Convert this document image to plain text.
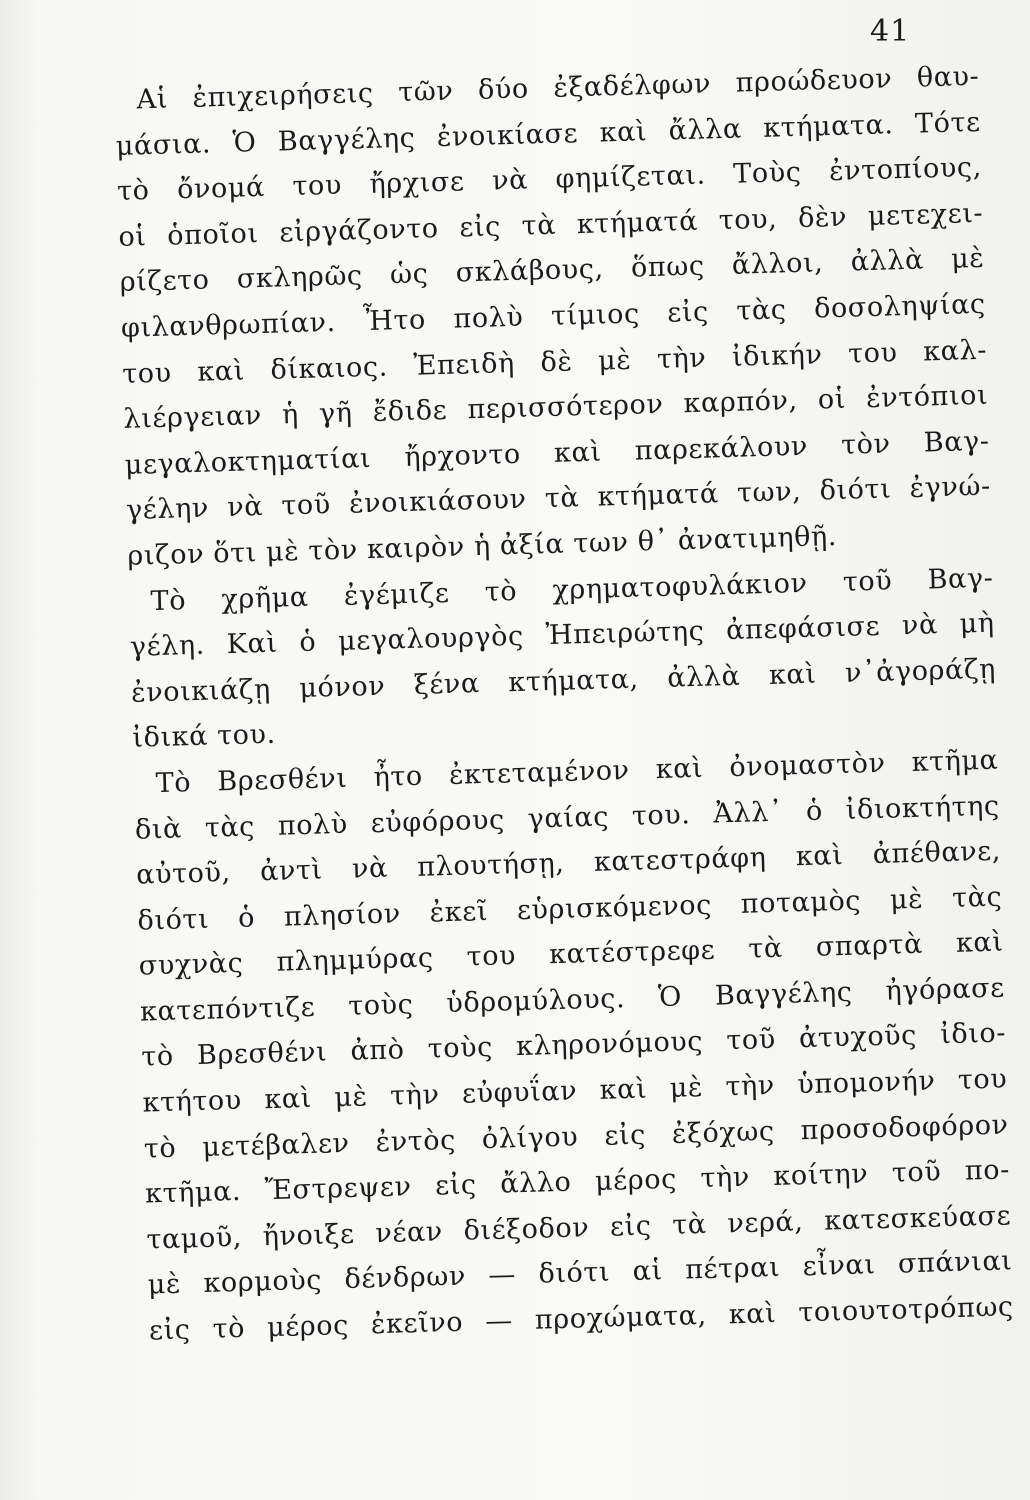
41
Αἱ ἐπιχειρήσεις τῶν δύο ἐξαδέλφων προώδευον θαυ-
μάσια. Ὁ Βαγγέλης ἐνοικίασε καὶ ἄλλα κτήματα. Τότε
τὸ ὄνομά του ἤρχισε νὰ φημίζεται. Τοὺς ἐντοπίους,
οἱ ὁποῖοι εἰργάζοντο εἰς τὰ κτήματά του, δὲν μετεχει-
ρίζετο σκληρῶς ὡς σκλάβους, ὅπως ἄλλοι, ἀλλὰ μὲ
φιλανθρωπίαν. Ἦτο πολὺ τίμιος εἰς τὰς δοσοληψίας
του καὶ δίκαιος. Ἐπειδὴ δὲ μὲ τὴν ἰδικήν του καλ-
λιέργειαν ἡ γῆ ἔδιδε περισσότερον καρπόν, οἱ ἐντόπιοι
μεγαλοκτηματίαι ἤρχοντο καὶ παρεκάλουν τὸν Βαγ-
γέλην νὰ τοῦ ἐνοικιάσουν τὰ κτήματά των, διότι ἐγνώ-
ριζον ὅτι μὲ τὸν καιρὸν ἡ ἀξία των θ᾽ ἀνατιμηθῇ.
Τὸ χρῆμα ἐγέμιζε τὸ χρηματοφυλάκιον τοῦ Βαγ-
γέλη. Καὶ ὁ μεγαλουργὸς Ἠπειρώτης ἀπεφάσισε νὰ μὴ
ἐνοικιάζῃ μόνον ξένα κτήματα, ἀλλὰ καὶ ν᾽ἀγοράζῃ
ἰδικά του.
Τὸ Βρεσθένι ἦτο ἐκτεταμένον καὶ ὀνομαστὸν κτῆμα
διὰ τὰς πολὺ εὐφόρους γαίας του. Ἀλλ᾽ ὁ ἰδιοκτήτης
αὐτοῦ, ἀντὶ νὰ πλουτήσῃ, κατεστράφη καὶ ἀπέθανε,
διότι ὁ πλησίον ἐκεῖ εὑρισκόμενος ποταμὸς μὲ τὰς
συχνὰς πλημμύρας του κατέστρεφε τὰ σπαρτὰ καὶ
κατεπόντιζε τοὺς ὑδρομύλους. Ὁ Βαγγέλης ἠγόρασε
τὸ Βρεσθένι ἀπὸ τοὺς κληρονόμους τοῦ ἀτυχοῦς ἰδιο-
κτήτου καὶ μὲ τὴν εὐφυΐαν καὶ μὲ τὴν ὑπομονήν του
τὸ μετέβαλεν ἐντὸς ὀλίγου εἰς ἐξόχως προσοδοφόρον
κτῆμα. Ἔστρεψεν εἰς ἄλλο μέρος τὴν κοίτην τοῦ πο-
ταμοῦ, ἤνοιξε νέαν διέξοδον εἰς τὰ νερά, κατεσκεύασε
μὲ κορμοὺς δένδρων — διότι αἱ πέτραι εἶναι σπάνιαι
εἰς τὸ μέρος ἐκεῖνο — προχώματα, καὶ τοιουτοτρόπως
